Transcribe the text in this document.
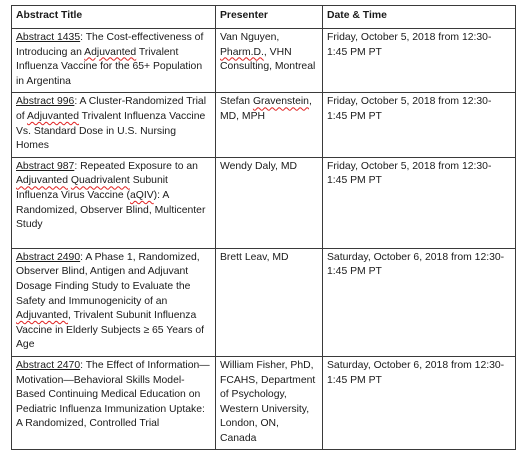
Abstract Title	Presenter	Date & Time
Abstract 1435: The Cost-effectiveness of Introducing an Adjuvanted Trivalent Influenza Vaccine for the 65+ Population in Argentina	Van Nguyen, Pharm.D., VHN Consulting, Montreal	Friday, October 5, 2018 from 12:30-1:45 PM PT
Abstract 996: A Cluster-Randomized Trial of Adjuvanted Trivalent Influenza Vaccine Vs. Standard Dose in U.S. Nursing Homes	Stefan Gravenstein, MD, MPH	Friday, October 5, 2018 from 12:30-1:45 PM PT
Abstract 987: Repeated Exposure to an Adjuvanted Quadrivalent Subunit Influenza Virus Vaccine (aQIV): A Randomized, Observer Blind, Multicenter Study	Wendy Daly, MD	Friday, October 5, 2018 from 12:30-1:45 PM PT
Abstract 2490: A Phase 1, Randomized, Observer Blind, Antigen and Adjuvant Dosage Finding Study to Evaluate the Safety and Immunogenicity of an Adjuvanted, Trivalent Subunit Influenza Vaccine in Elderly Subjects ≥ 65 Years of Age	Brett Leav, MD	Saturday, October 6, 2018 from 12:30-1:45 PM PT
Abstract 2470: The Effect of Information—Motivation—Behavioral Skills Model-Based Continuing Medical Education on Pediatric Influenza Immunization Uptake: A Randomized, Controlled Trial	William Fisher, PhD, FCAHS, Department of Psychology, Western University, London, ON, Canada	Saturday, October 6, 2018 from 12:30-1:45 PM PT
